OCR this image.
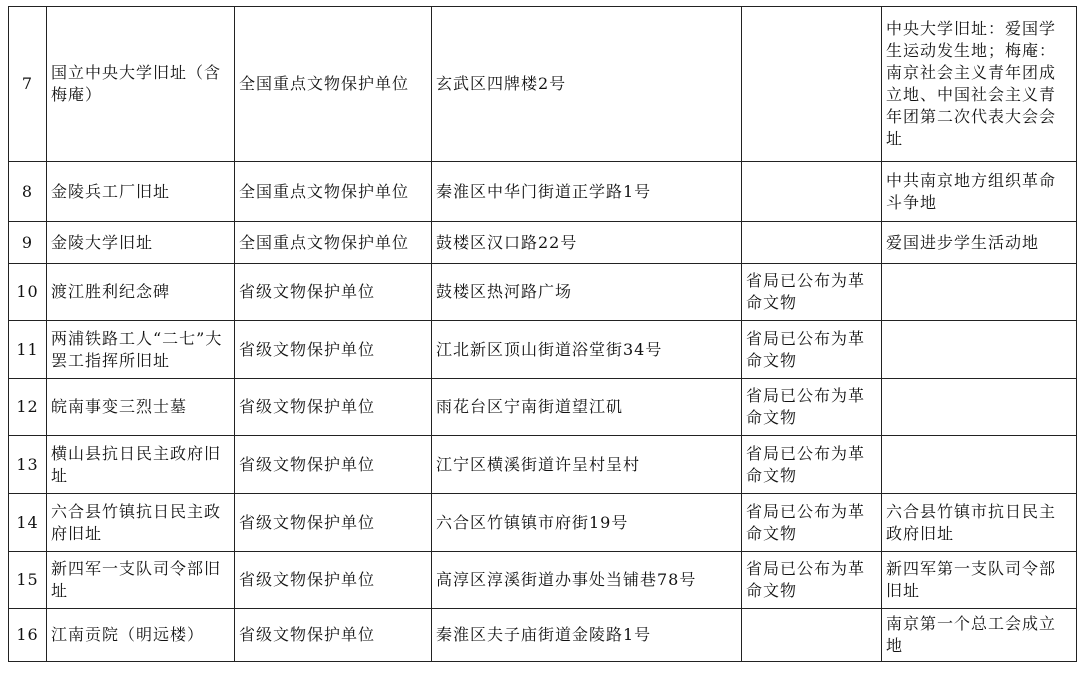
7	国立中央大学旧址（含梅庵）	全国重点文物保护单位	玄武区四牌楼2号		中央大学旧址：爱国学生运动发生地；梅庵：南京社会主义青年团成立地、中国社会主义青年团第二次代表大会会址
8	金陵兵工厂旧址	全国重点文物保护单位	秦淮区中华门街道正学路1号		中共南京地方组织革命斗争地
9	金陵大学旧址	全国重点文物保护单位	鼓楼区汉口路22号		爱国进步学生活动地
10	渡江胜利纪念碑	省级文物保护单位	鼓楼区热河路广场	省局已公布为革命文物	
11	两浦铁路工人“二七”大罢工指挥所旧址	省级文物保护单位	江北新区顶山街道浴堂街34号	省局已公布为革命文物	
12	皖南事变三烈士墓	省级文物保护单位	雨花台区宁南街道望江矶	省局已公布为革命文物	
13	横山县抗日民主政府旧址	省级文物保护单位	江宁区横溪街道许呈村呈村	省局已公布为革命文物	
14	六合县竹镇抗日民主政府旧址	省级文物保护单位	六合区竹镇镇市府街19号	省局已公布为革命文物	六合县竹镇市抗日民主政府旧址
15	新四军一支队司令部旧址	省级文物保护单位	高淳区淳溪街道办事处当铺巷78号	省局已公布为革命文物	新四军第一支队司令部旧址
16	江南贡院（明远楼）	省级文物保护单位	秦淮区夫子庙街道金陵路1号		南京第一个总工会成立地
